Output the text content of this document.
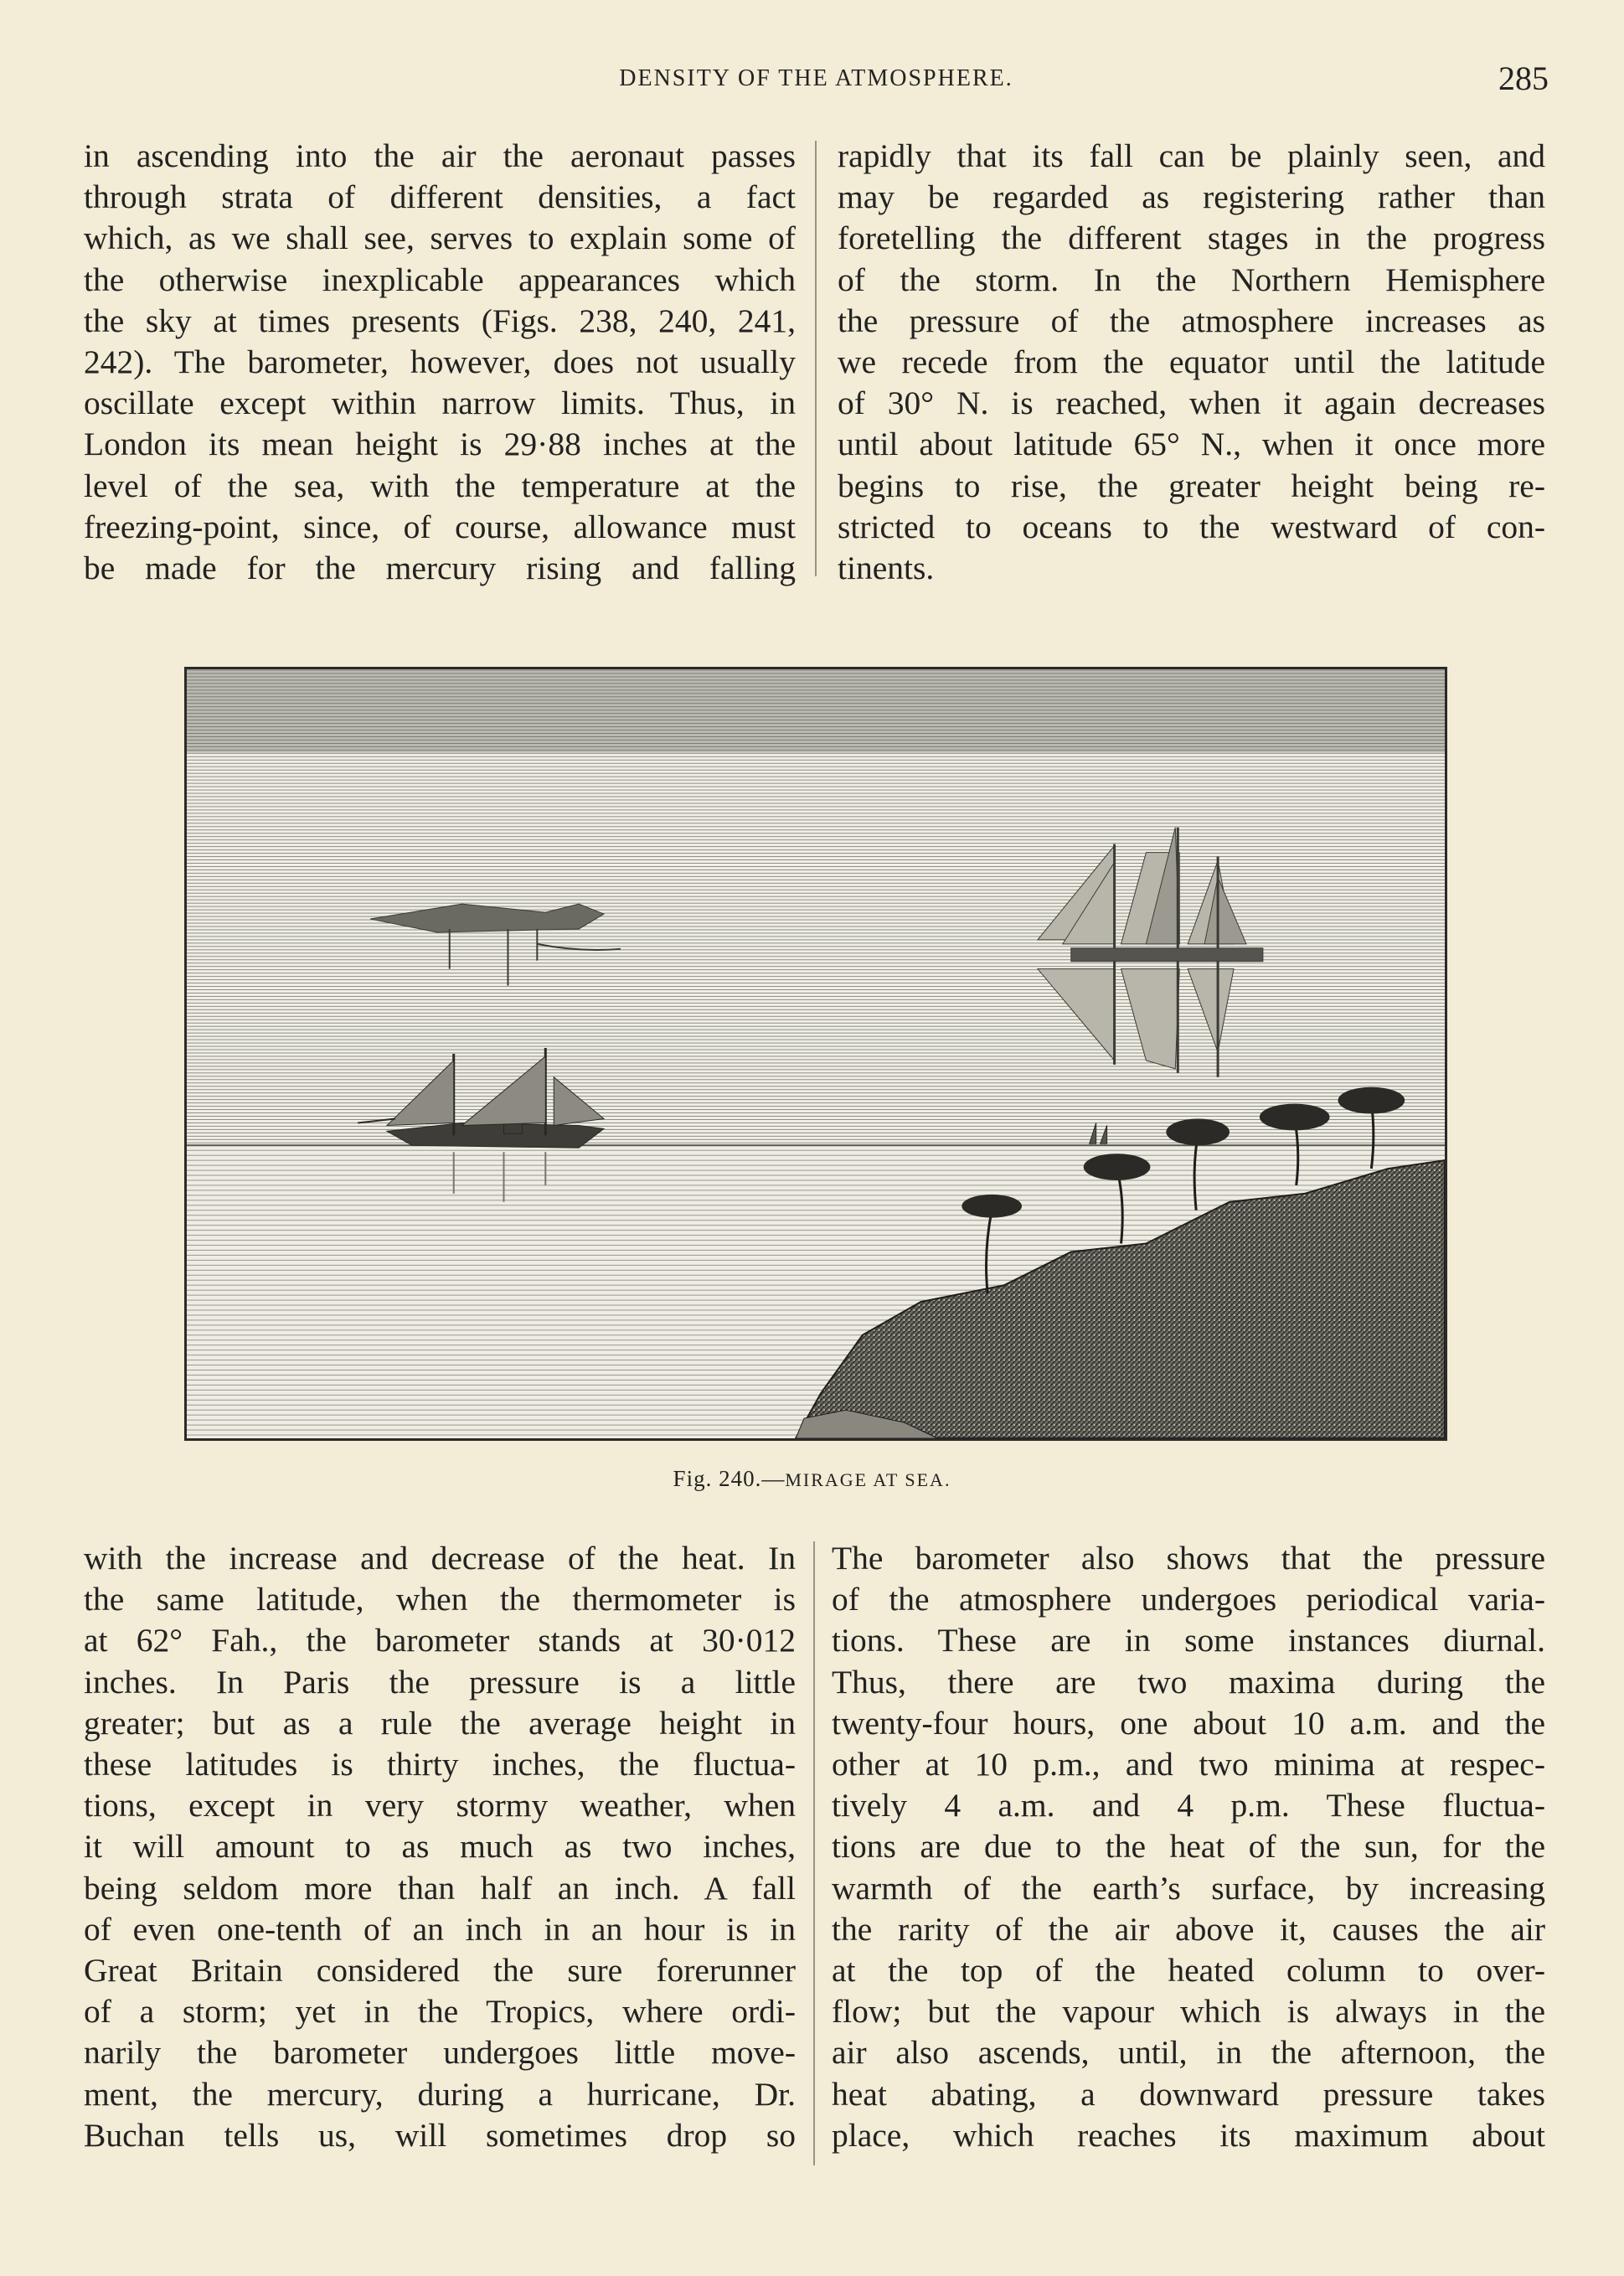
DENSITY OF THE ATMOSPHERE.	285
in ascending into the air the aeronaut passes
through strata of different densities, a fact
which, as we shall see, serves to explain some of
the otherwise inexplicable appearances which
the sky at times presents (Figs. 238, 240, 241,
242). The barometer, however, does not usually
oscillate except within narrow limits. Thus, in
London its mean height is 29·88 inches at the
level of the sea, with the temperature at the
freezing-point, since, of course, allowance must
be made for the mercury rising and falling
rapidly that its fall can be plainly seen, and
may be regarded as registering rather than
foretelling the different stages in the progress
of the storm. In the Northern Hemisphere
the pressure of the atmosphere increases as
we recede from the equator until the latitude
of 30° N. is reached, when it again decreases
until about latitude 65° N., when it once more
begins to rise, the greater height being re-
stricted to oceans to the westward of con-
tinents.
Fig. 240.—MIRAGE AT SEA.
with the increase and decrease of the heat. In
the same latitude, when the thermometer is
at 62° Fah., the barometer stands at 30·012
inches. In Paris the pressure is a little
greater; but as a rule the average height in
these latitudes is thirty inches, the fluctua-
tions, except in very stormy weather, when
it will amount to as much as two inches,
being seldom more than half an inch. A fall
of even one-tenth of an inch in an hour is in
Great Britain considered the sure forerunner
of a storm; yet in the Tropics, where ordi-
narily the barometer undergoes little move-
ment, the mercury, during a hurricane, Dr.
Buchan tells us, will sometimes drop so
The barometer also shows that the pressure
of the atmosphere undergoes periodical varia-
tions. These are in some instances diurnal.
Thus, there are two maxima during the
twenty-four hours, one about 10 a.m. and the
other at 10 p.m., and two minima at respec-
tively 4 a.m. and 4 p.m. These fluctua-
tions are due to the heat of the sun, for the
warmth of the earth’s surface, by increasing
the rarity of the air above it, causes the air
at the top of the heated column to over-
flow; but the vapour which is always in the
air also ascends, until, in the afternoon, the
heat abating, a downward pressure takes
place, which reaches its maximum about
